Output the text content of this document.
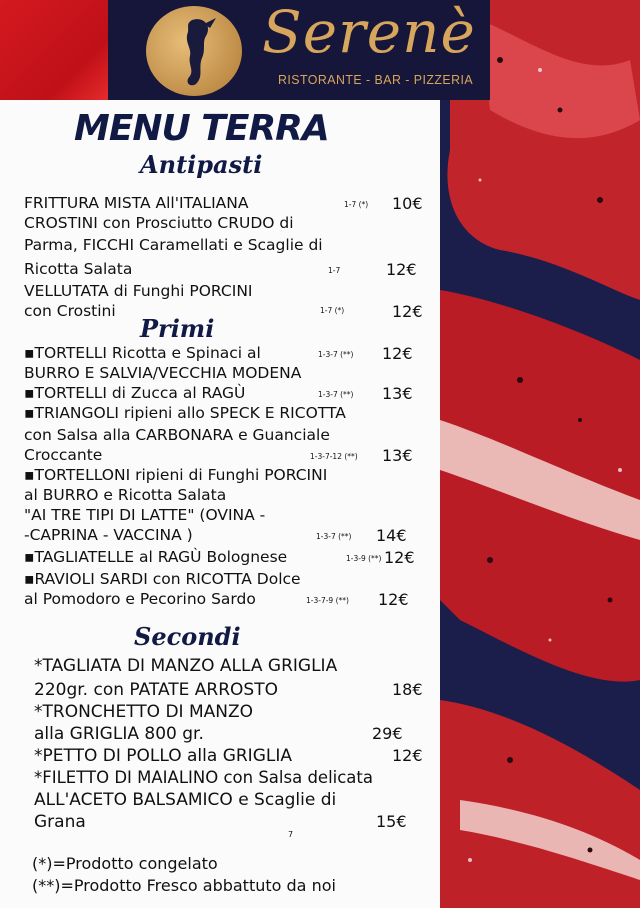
Serenè
RISTORANTE - BAR - PIZZERIA
MENU TERRA
Antipasti
FRITTURA MISTA All'ITALIANA	1-7 (*) 10€
CROSTINI con Prosciutto CRUDO di
Parma, FICCHI Caramellati e Scaglie di
Ricotta Salata	1-7	12€
VELLUTATA di Funghi PORCINI
con Crostini	1-7 (*)	12€
Primi
▪TORTELLI Ricotta e Spinaci al	1-3-7 (**) 12€
BURRO E SALVIA/VECCHIA MODENA
▪TORTELLI di Zucca al RAGÙ	1-3-7 (**) 13€
▪TRIANGOLI ripieni allo SPECK E RICOTTA
con Salsa alla CARBONARA e Guanciale
Croccante	1-3-7-12 (**) 13€
▪TORTELLONI ripieni di Funghi PORCINI
al BURRO e Ricotta Salata
"AI TRE TIPI DI LATTE" (OVINA -
-CAPRINA - VACCINA )	1-3-7 (**) 14€
▪TAGLIATELLE al RAGÙ Bolognese	1-3-9 (**) 12€
▪RAVIOLI SARDI con RICOTTA Dolce
al Pomodoro e Pecorino Sardo	1-3-7-9 (**) 12€
Secondi
*TAGLIATA DI MANZO ALLA GRIGLIA
220gr. con PATATE ARROSTO	18€
*TRONCHETTO DI MANZO
alla GRIGLIA 800 gr.	29€
*PETTO DI POLLO alla GRIGLIA	12€
*FILETTO DI MAIALINO con Salsa delicata
ALL'ACETO BALSAMICO e Scaglie di
Grana	15€
7
(*)=Prodotto congelato
(**)=Prodotto Fresco abbattuto da noi
